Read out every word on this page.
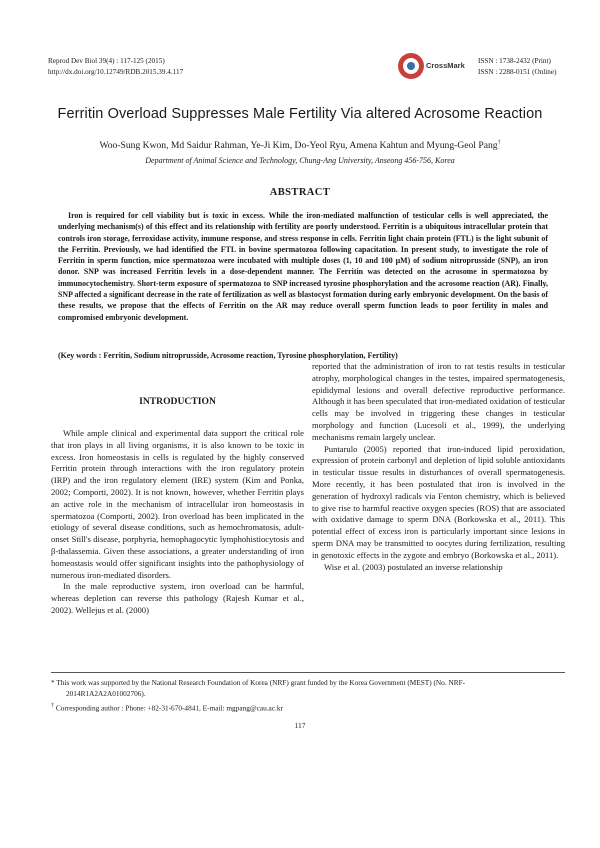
Reprod Dev Biol 39(4) : 117-125 (2015)
http://dx.doi.org/10.12749/RDB.2015.39.4.117
CrossMark ISSN : 1738-2432 (Print)
ISSN : 2288-0151 (Online)
Ferritin Overload Suppresses Male Fertility Via altered Acrosome Reaction
Woo-Sung Kwon, Md Saidur Rahman, Ye-Ji Kim, Do-Yeol Ryu, Amena Kahtun and Myung-Geol Pang†
Department of Animal Science and Technology, Chung-Ang University, Anseong 456-756, Korea
ABSTRACT

Iron is required for cell viability but is toxic in excess. While the iron-mediated malfunction of testicular cells is well appreciated, the underlying mechanism(s) of this effect and its relationship with fertility are poorly understood. Ferritin is a ubiquitous intracellular protein that controls iron storage, ferroxidase activity, immune response, and stress response in cells. Ferritin light chain protein (FTL) is the light subunit of the Ferritin. Previously, we had identified the FTL in bovine spermatozoa following capacitation. In present study, to investigate the role of Ferritin in sperm function, mice spermatozoa were incubated with multiple doses (1, 10 and 100 µM) of sodium nitroprusside (SNP), an iron donor. SNP was increased Ferritin levels in a dose-dependent manner. The Ferritin was detected on the acrosome in spermatozoa by immunocytochemistry. Short-term exposure of spermatozoa to SNP increased tyrosine phosphorylation and the acrosome reaction (AR). Finally, SNP affected a significant decrease in the rate of fertilization as well as blastocyst formation during early embryonic development. On the basis of these results, we propose that the effects of Ferritin on the AR may reduce overall sperm function leads to poor fertility in males and compromised embryonic development.

(Key words : Ferritin, Sodium nitroprusside, Acrosome reaction, Tyrosine phosphorylation, Fertility)

INTRODUCTION

While ample clinical and experimental data support the critical role that iron plays in all living organisms, it is also known to be toxic in excess. Iron homeostasis in cells is regulated by the highly conserved Ferritin protein through interactions with the iron regulatory protein (IRP) and the iron regulatory element (IRE) system (Kim and Ponka, 2002; Comporti, 2002). It is not known, however, whether Ferritin plays an active role in the mechanism of intracellular iron homeostasis in spermatozoa (Comporti, 2002). Iron overload has been implicated in the etiology of several disease conditions, such as hemochromatosis, adult-onset Still's disease, porphyria, hemophagocytic lymphohistiocytosis and β-thalassemia. Given these associations, a greater understanding of iron homeostasis would offer significant insights into the pathophysiology of numerous iron-mediated disorders.

In the male reproductive system, iron overload can be harmful, whereas depletion can reverse this pathology (Rajesh Kumar et al., 2002). Wellejus et al. (2000)

reported that the administration of iron to rat testis results in testicular atrophy, morphological changes in the testes, impaired spermatogenesis, epididymal lesions and overall defective reproductive performance. Although it has been speculated that iron-mediated oxidation of testicular cells may be involved in triggering these changes in testicular morphology and function (Lucesoli et al., 1999), the underlying mechanisms remain largely unclear.

Puntarulo (2005) reported that iron-induced lipid peroxidation, expression of protein carbonyl and depletion of lipid soluble antioxidants in testicular tissue results in disturbances of overall spermatogenesis. More recently, it has been postulated that iron is involved in the generation of hydroxyl radicals via Fenton chemistry, which is believed to give rise to harmful reactive oxygen species (ROS) that are associated with oxidative damage to sperm DNA (Borkowska et al., 2011). This potential effect of excess iron is particularly important since lesions in sperm DNA may be transmitted to oocytes during fertilization, resulting in genotoxic effects in the zygote and embryo (Borkowska et al., 2011).

Wise et al. (2003) postulated an inverse relationship

* This work was supported by the National Research Foundation of Korea (NRF) grant funded by the Korea Government (MEST) (No. NRF-

2014R1A2A2A01002706).

† Corresponding author : Phone: +82-31-670-4841, E-mail: mgpang@cau.ac.kr

117
